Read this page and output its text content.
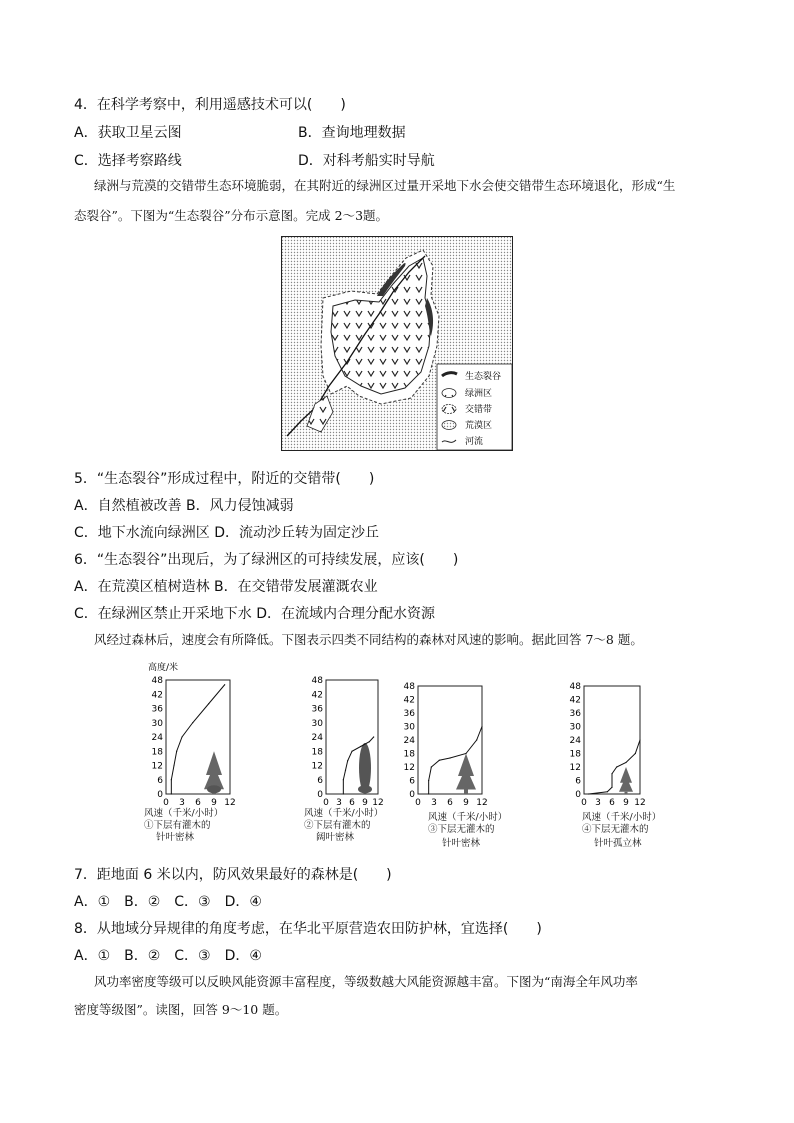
4．在科学考察中，利用遥感技术可以(　　)
A．获取卫星云图	B．查询地理数据
C．选择考察路线	D．对科考船实时导航
绿洲与荒漠的交错带生态环境脆弱，在其附近的绿洲区过量开采地下水会使交错带生态环境退化，形成“生
态裂谷”。下图为“生态裂谷”分布示意图。完成 2～3题。
生态裂谷
绿洲区
交错带
荒漠区
河流
5．“生态裂谷”形成过程中，附近的交错带(　　)
A．自然植被改善 B．风力侵蚀减弱
C．地下水流向绿洲区 D．流动沙丘转为固定沙丘
6．“生态裂谷”出现后，为了绿洲区的可持续发展，应该(　　)
A．在荒漠区植树造林 B．在交错带发展灌溉农业
C．在绿洲区禁止开采地下水 D．在流域内合理分配水资源
风经过森林后，速度会有所降低。下图表示四类不同结构的森林对风速的影响。据此回答 7～8 题。
高度/米
48
42
36
30
24
18
12
6
0
0 3 6 9 12
48
42
36
30
24
18
12
6
0
0 3 6 9 12
48
42
36
30
24
18
12
6
0
0 3 6 9 12
48
42
36
30
24
18
12
6
0
0 3 6 9 12
风速（千米/小时）
①下层有灌木的
针叶密林
风速（千米/小时）
②下层有灌木的
阔叶密林
风速（千米/小时）
③下层无灌木的
针叶密林
风速（千米/小时）
④下层无灌木的
针叶孤立林
7．距地面 6 米以内，防风效果最好的森林是(　　)
A．①　B．②　C．③　D．④
8．从地域分异规律的角度考虑，在华北平原营造农田防护林，宜选择(　　)
A．①　B．②　C．③　D．④
风功率密度等级可以反映风能资源丰富程度，等级数越大风能资源越丰富。下图为“南海全年风功率
密度等级图”。读图，回答 9～10 题。
